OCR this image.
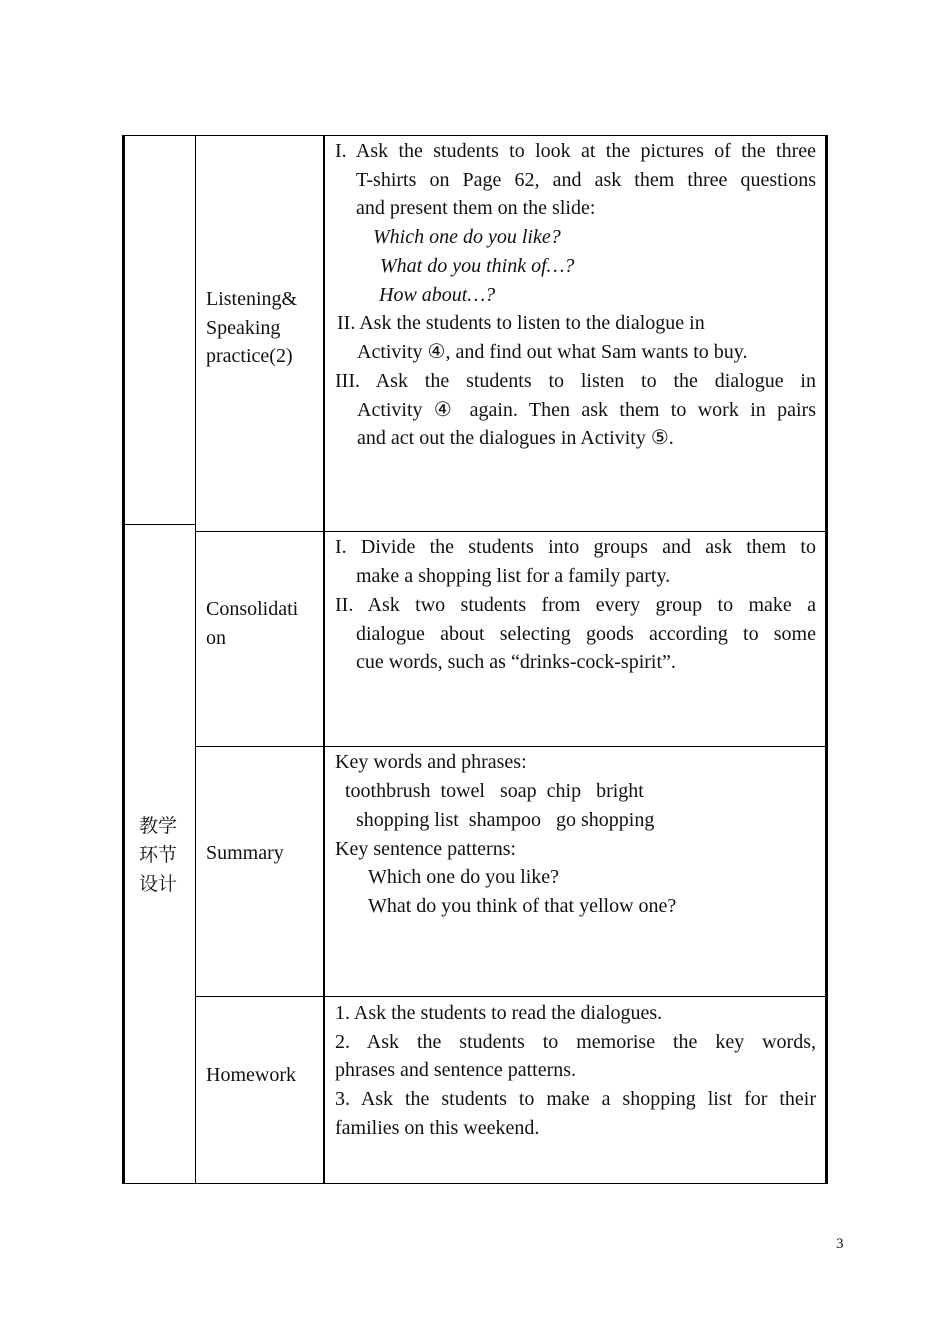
教学
环节
设计
Listening&
Speaking
practice(2)
I. Ask the students to look at the pictures of the three
T-shirts on Page 62, and ask them three questions
and present them on the slide:
Which one do you like?
What do you think of…?
How about…?
II. Ask the students to listen to the dialogue in
Activity ④, and find out what Sam wants to buy.
III. Ask the students to listen to the dialogue in
Activity ④ again. Then ask them to work in pairs
and act out the dialogues in Activity ⑤.
Consolidati
on
I. Divide the students into groups and ask them to
make a shopping list for a family party.
II. Ask two students from every group to make a
dialogue about selecting goods according to some
cue words, such as “drinks-cock-spirit”.
Summary
Key words and phrases:
toothbrush  towel   soap  chip   bright
shopping list  shampoo   go shopping
Key sentence patterns:
Which one do you like?
What do you think of that yellow one?
Homework
1. Ask the students to read the dialogues.
2. Ask the students to memorise the key words,
phrases and sentence patterns.
3. Ask the students to make a shopping list for their
families on this weekend.
3
